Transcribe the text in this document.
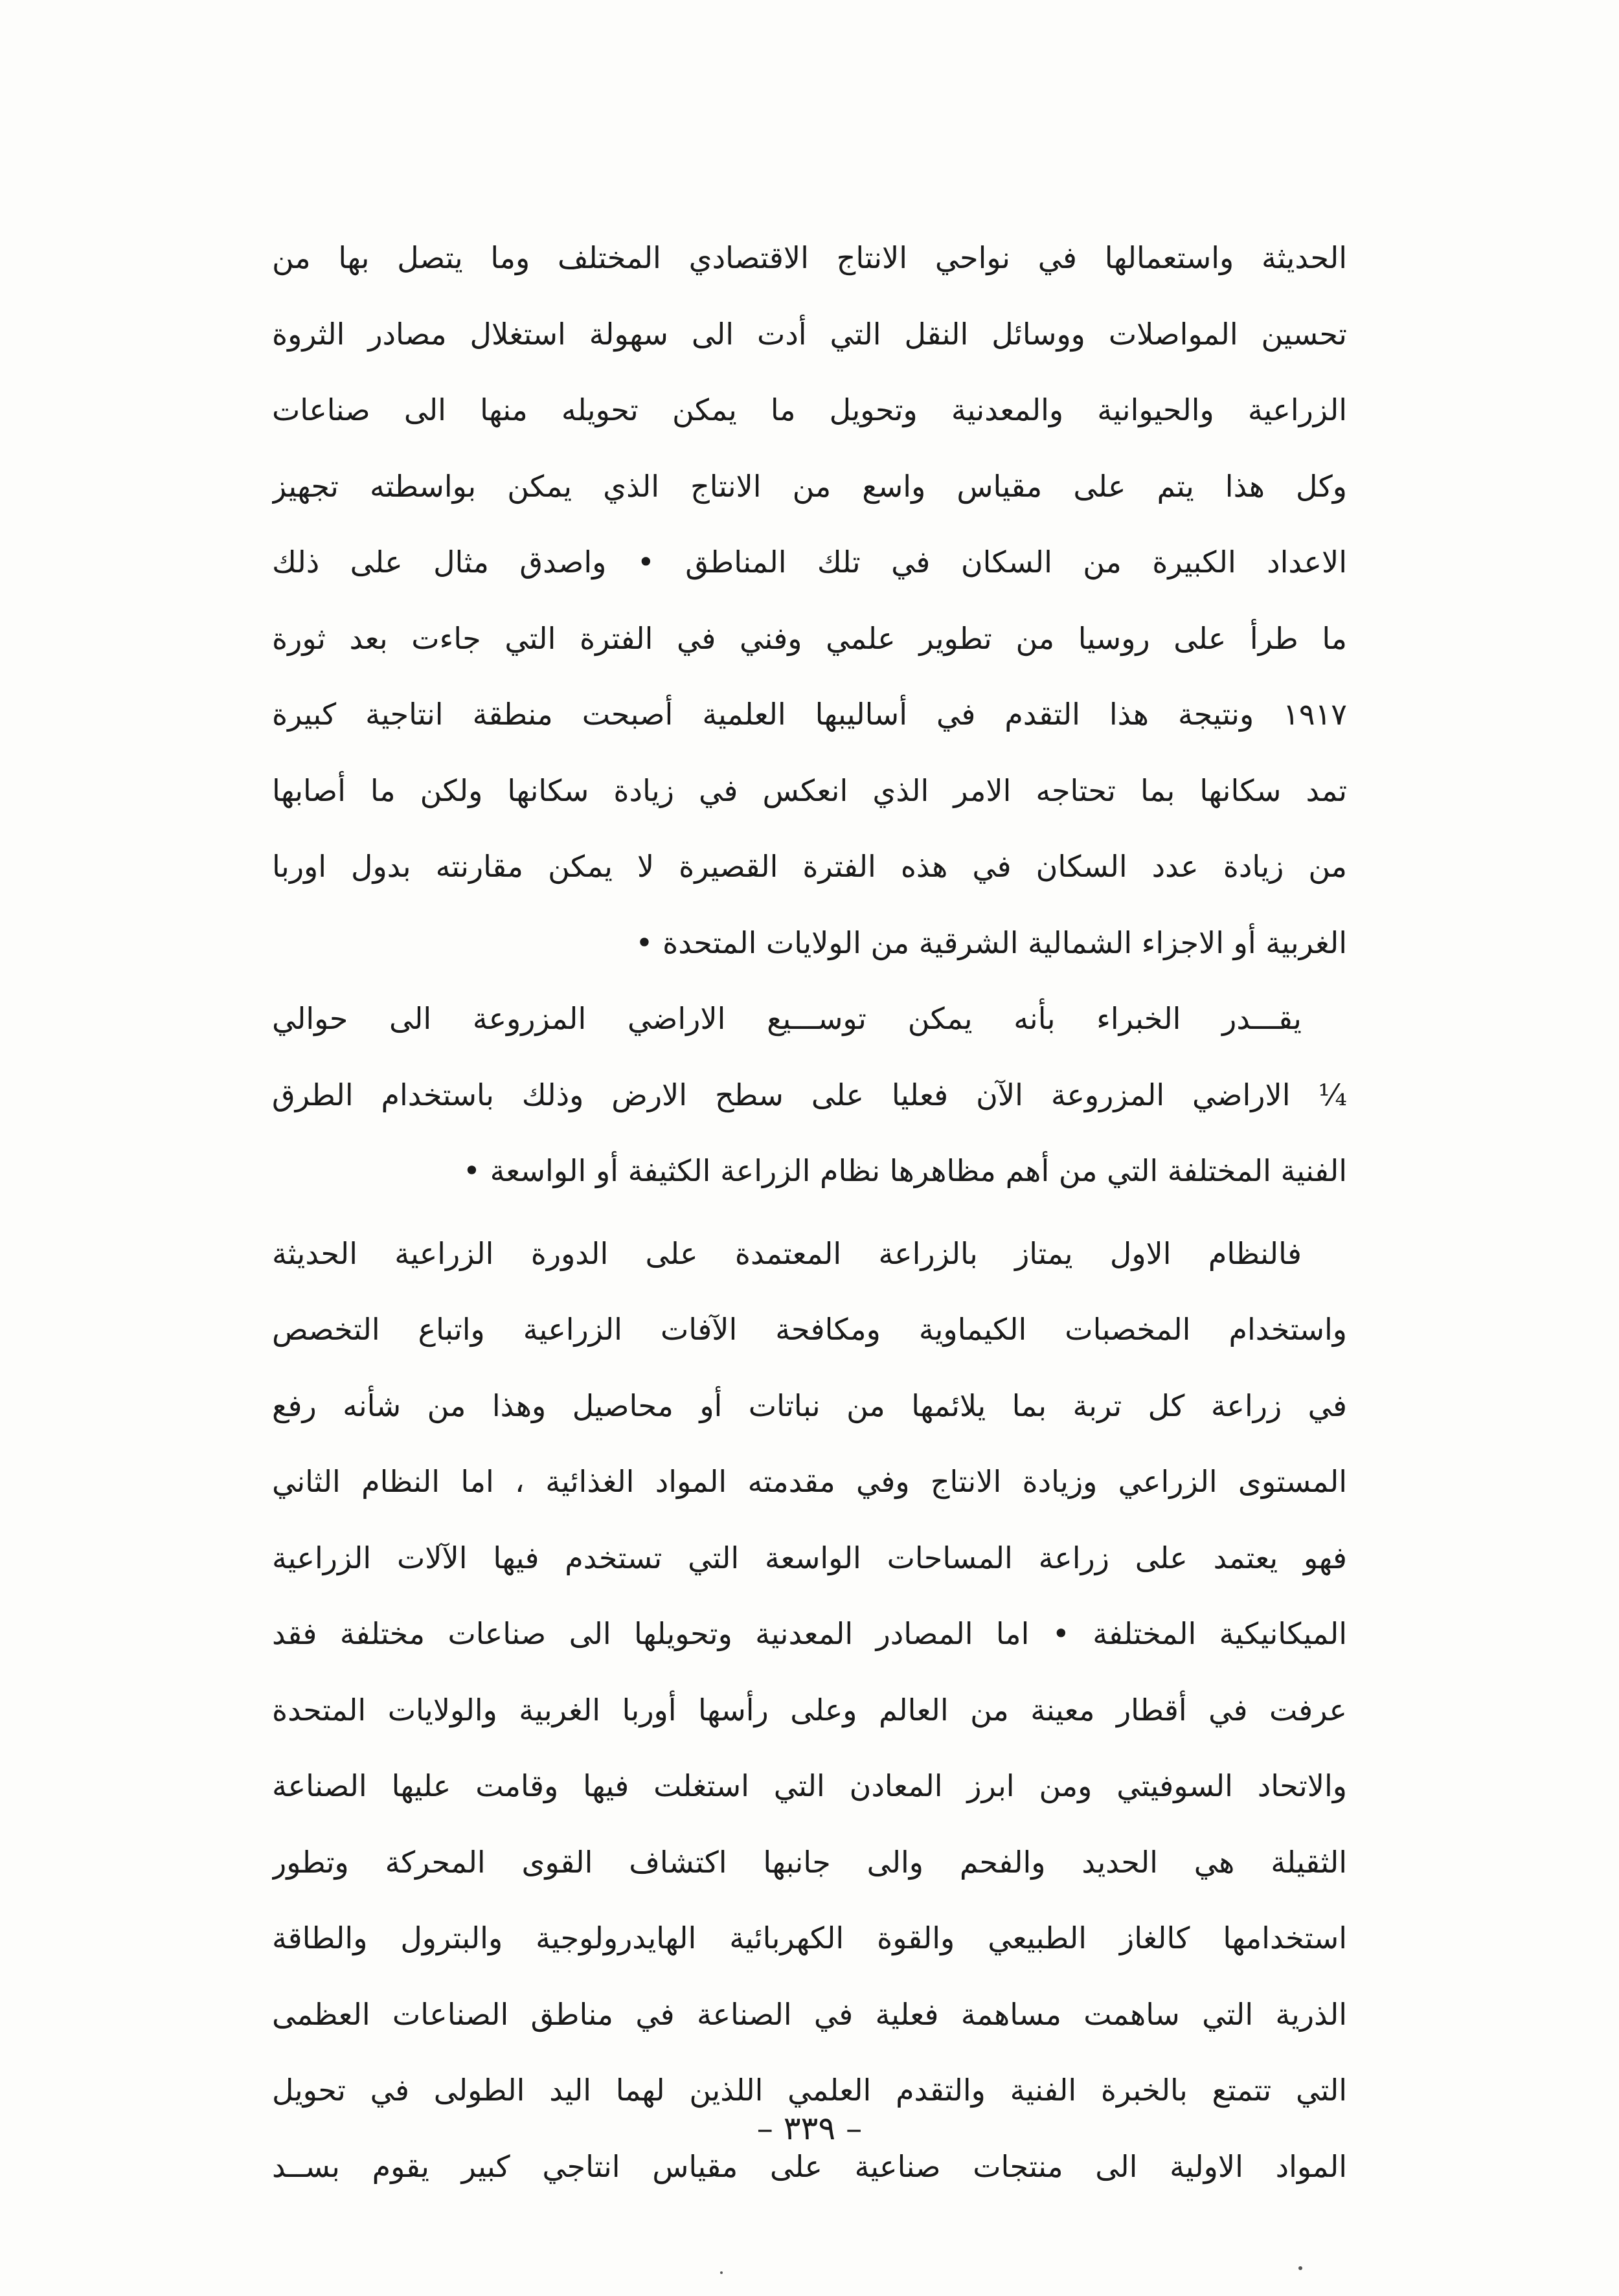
الحديثة واستعمالها في نواحي الانتاج الاقتصادي المختلف وما يتصل بها من
تحسين المواصلات ووسائل النقل التي أدت الى سهولة استغلال مصادر الثروة
الزراعية والحيوانية والمعدنية وتحويل ما يمكن تحويله منها الى صناعات
وكل هذا يتم على مقياس واسع من الانتاج الذي يمكن بواسطته تجهيز
الاعداد الكبيرة من السكان في تلك المناطق • واصدق مثال على ذلك
ما طرأ على روسيا من تطوير علمي وفني في الفترة التي جاءت بعد ثورة
١٩١٧ ونتيجة هذا التقدم في أساليبها العلمية أصبحت منطقة انتاجية كبيرة
تمد سكانها بما تحتاجه الامر الذي انعكس في زيادة سكانها ولكن ما أصابها
من زيادة عدد السكان في هذه الفترة القصيرة لا يمكن مقارنته بدول اوربا
الغربية أو الاجزاء الشمالية الشرقية من الولايات المتحدة •
يقـــدر الخبراء بأنه يمكن توســـيع الاراضي المزروعة الى حوالي
¼ الاراضي المزروعة الآن فعليا على سطح الارض وذلك باستخدام الطرق
الفنية المختلفة التي من أهم مظاهرها نظام الزراعة الكثيفة أو الواسعة •
فالنظام الاول يمتاز بالزراعة المعتمدة على الدورة الزراعية الحديثة
واستخدام المخصبات الكيماوية ومكافحة الآفات الزراعية واتباع التخصص
في زراعة كل تربة بما يلائمها من نباتات أو محاصيل وهذا من شأنه رفع
المستوى الزراعي وزيادة الانتاج وفي مقدمته المواد الغذائية ، اما النظام الثاني
فهو يعتمد على زراعة المساحات الواسعة التي تستخدم فيها الآلات الزراعية
الميكانيكية المختلفة • اما المصادر المعدنية وتحويلها الى صناعات مختلفة فقد
عرفت في أقطار معينة من العالم وعلى رأسها أوربا الغربية والولايات المتحدة
والاتحاد السوفيتي ومن ابرز المعادن التي استغلت فيها وقامت عليها الصناعة
الثقيلة هي الحديد والفحم والى جانبها اكتشاف القوى المحركة وتطور
استخدامها كالغاز الطبيعي والقوة الكهربائية الهايدرولوجية والبترول والطاقة
الذرية التي ساهمت مساهمة فعلية في الصناعة في مناطق الصناعات العظمى
التي تتمتع بالخبرة الفنية والتقدم العلمي اللذين لهما اليد الطولى في تحويل
المواد الاولية الى منتجات صناعية على مقياس انتاجي كبير يقوم بســد
– ٣٣٩ –
